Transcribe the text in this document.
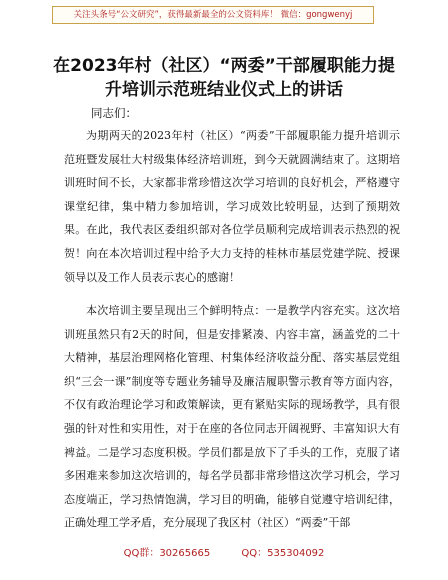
关注头条号“公文研究”，获得最新最全的公文资料库！ 微信：gongwenyj
在2023年村（社区）“两委”干部履职能力提升培训示范班结业仪式上的讲话
同志们：
为期两天的2023年村（社区）“两委”干部履职能力提升培训示范班暨发展壮大村级集体经济培训班，到今天就圆满结束了。这期培训班时间不长，大家都非常珍惜这次学习培训的良好机会，严格遵守课堂纪律，集中精力参加培训，学习成效比较明显，达到了预期效果。在此，我代表区委组织部对各位学员顺利完成培训表示热烈的祝贺！向在本次培训过程中给予大力支持的桂林市基层党建学院、授课领导以及工作人员表示衷心的感谢！
本次培训主要呈现出三个鲜明特点：一是教学内容充实。这次培训班虽然只有2天的时间，但是安排紧凑、内容丰富，涵盖党的二十大精神，基层治理网格化管理、村集体经济收益分配、落实基层党组织“三会一课”制度等专题业务辅导及廉洁履职警示教育等方面内容，不仅有政治理论学习和政策解读，更有紧贴实际的现场教学，具有很强的针对性和实用性，对于在座的各位同志开阔视野、丰富知识大有裨益。二是学习态度积极。学员们都是放下了手头的工作，克服了诸多困难来参加这次培训的，每名学员都非常珍惜这次学习机会，学习态度端正，学习热情饱满，学习目的明确，能够自觉遵守培训纪律，正确处理工学矛盾，充分展现了我区村（社区）“两委”干部
QQ群：30265665	QQ：535304092
